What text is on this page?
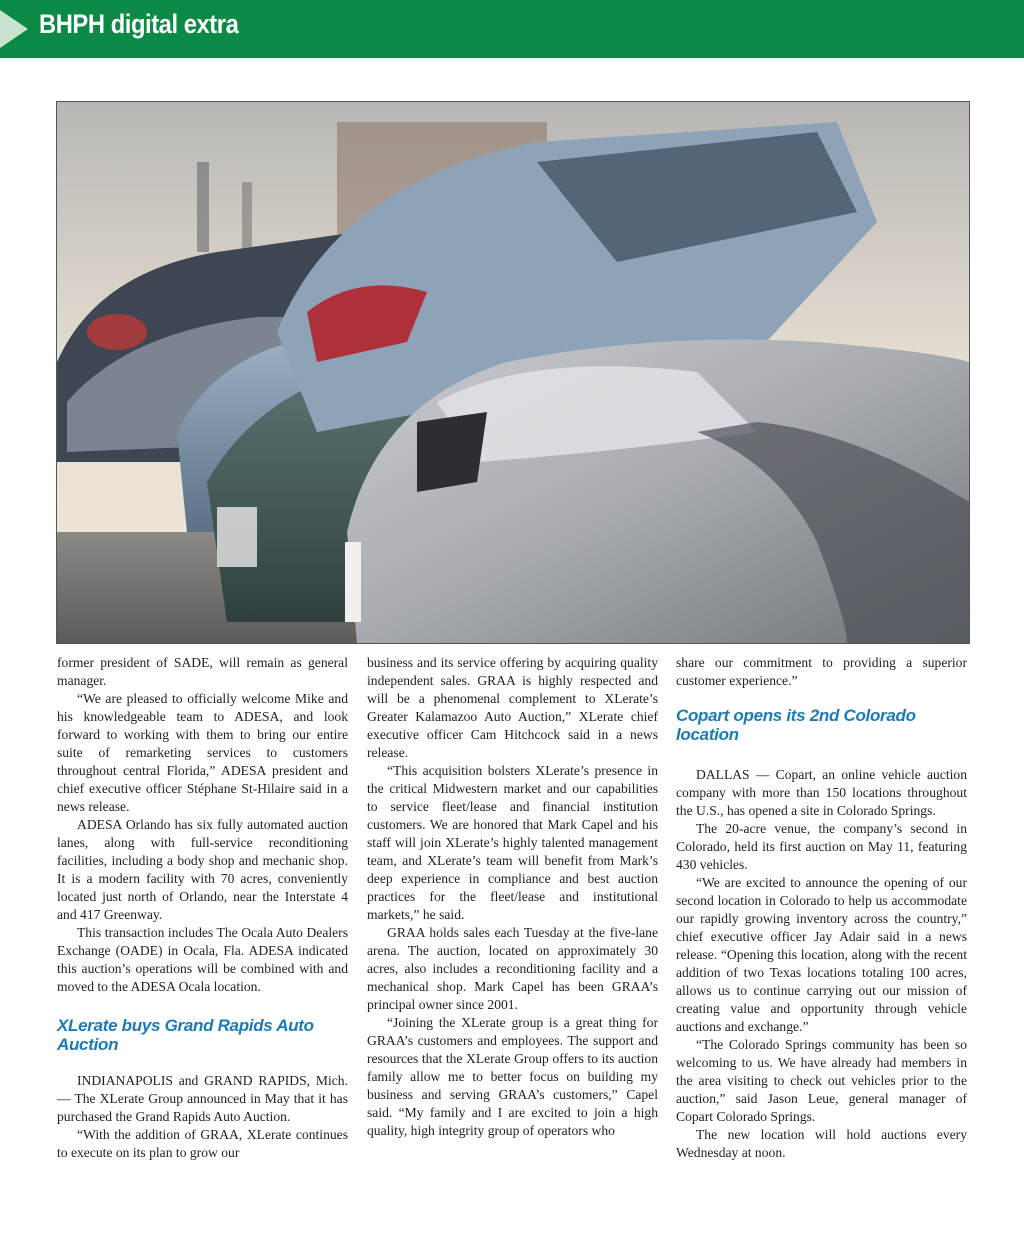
BHPH digital extra

former president of SADE, will remain as general manager.

“We are pleased to officially welcome Mike and his knowledgeable team to ADESA, and look forward to working with them to bring our entire suite of remarketing services to customers throughout central Florida,” ADESA president and chief executive officer Stéphane St-Hilaire said in a news release.

ADESA Orlando has six fully automated auction lanes, along with full-service reconditioning facilities, including a body shop and mechanic shop. It is a modern facility with 70 acres, conveniently located just north of Orlando, near the Interstate 4 and 417 Greenway.

This transaction includes The Ocala Auto Dealers Exchange (OADE) in Ocala, Fla. ADESA indicated this auction’s operations will be combined with and moved to the ADESA Ocala location.

XLerate buys Grand Rapids Auto Auction

INDIANAPOLIS and GRAND RAPIDS, Mich. — The XLerate Group announced in May that it has purchased the Grand Rapids Auto Auction.

“With the addition of GRAA, XLerate continues to execute on its plan to grow our

business and its service offering by acquiring quality independent sales. GRAA is highly respected and will be a phenomenal complement to XLerate’s Greater Kalamazoo Auto Auction,” XLerate chief executive officer Cam Hitchcock said in a news release.

“This acquisition bolsters XLerate’s presence in the critical Midwestern market and our capabilities to service fleet/lease and financial institution customers. We are honored that Mark Capel and his staff will join XLerate’s highly talented management team, and XLerate’s team will benefit from Mark’s deep experience in compliance and best auction practices for the fleet/lease and institutional markets,” he said.

GRAA holds sales each Tuesday at the five-lane arena. The auction, located on approximately 30 acres, also includes a reconditioning facility and a mechanical shop. Mark Capel has been GRAA’s principal owner since 2001.

“Joining the XLerate group is a great thing for GRAA’s customers and employees. The support and resources that the XLerate Group offers to its auction family allow me to better focus on building my business and serving GRAA’s customers,” Capel said. “My family and I are excited to join a high quality, high integrity group of operators who

share our commitment to providing a superior customer experience.”

Copart opens its 2nd Colorado location

DALLAS — Copart, an online vehicle auction company with more than 150 locations throughout the U.S., has opened a site in Colorado Springs.

The 20-acre venue, the company’s second in Colorado, held its first auction on May 11, featuring 430 vehicles.

“We are excited to announce the opening of our second location in Colorado to help us accommodate our rapidly growing inventory across the country,” chief executive officer Jay Adair said in a news release. “Opening this location, along with the recent addition of two Texas locations totaling 100 acres, allows us to continue carrying out our mission of creating value and opportunity through vehicle auctions and exchange.”

“The Colorado Springs community has been so welcoming to us. We have already had members in the area visiting to check out vehicles prior to the auction,” said Jason Leue, general manager of Copart Colorado Springs.

The new location will hold auctions every Wednesday at noon.
